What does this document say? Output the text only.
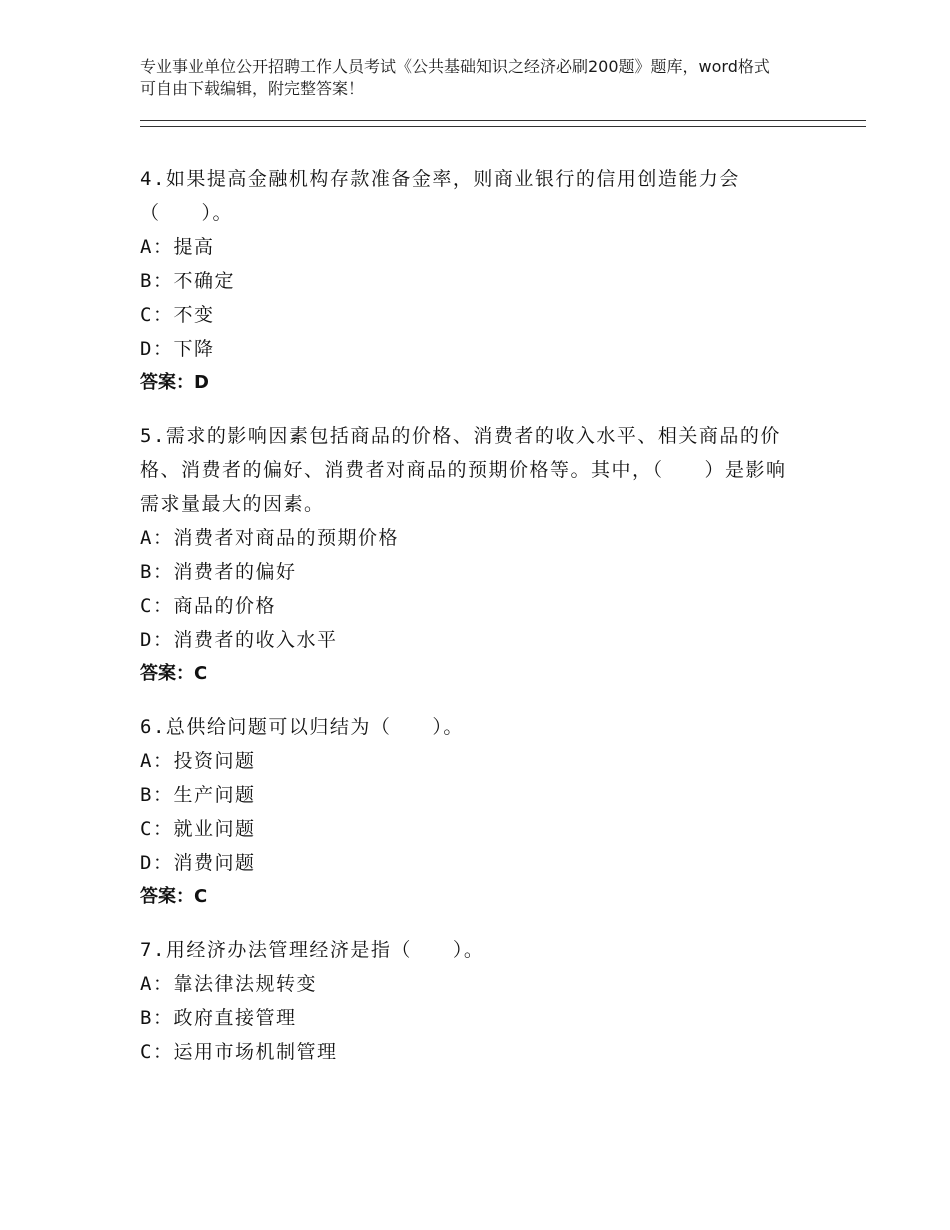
专业事业单位公开招聘工作人员考试《公共基础知识之经济必刷200题》题库，word格式可自由下载编辑，附完整答案！
4.如果提高金融机构存款准备金率，则商业银行的信用创造能力会（　　）。
A：提高
B：不确定
C：不变
D：下降
答案：D
5.需求的影响因素包括商品的价格、消费者的收入水平、相关商品的价格、消费者的偏好、消费者对商品的预期价格等。其中，（　　）是影响需求量最大的因素。
A：消费者对商品的预期价格
B：消费者的偏好
C：商品的价格
D：消费者的收入水平
答案：C
6.总供给问题可以归结为（　　）。
A：投资问题
B：生产问题
C：就业问题
D：消费问题
答案：C
7.用经济办法管理经济是指（　　）。
A：靠法律法规转变
B：政府直接管理
C：运用市场机制管理
